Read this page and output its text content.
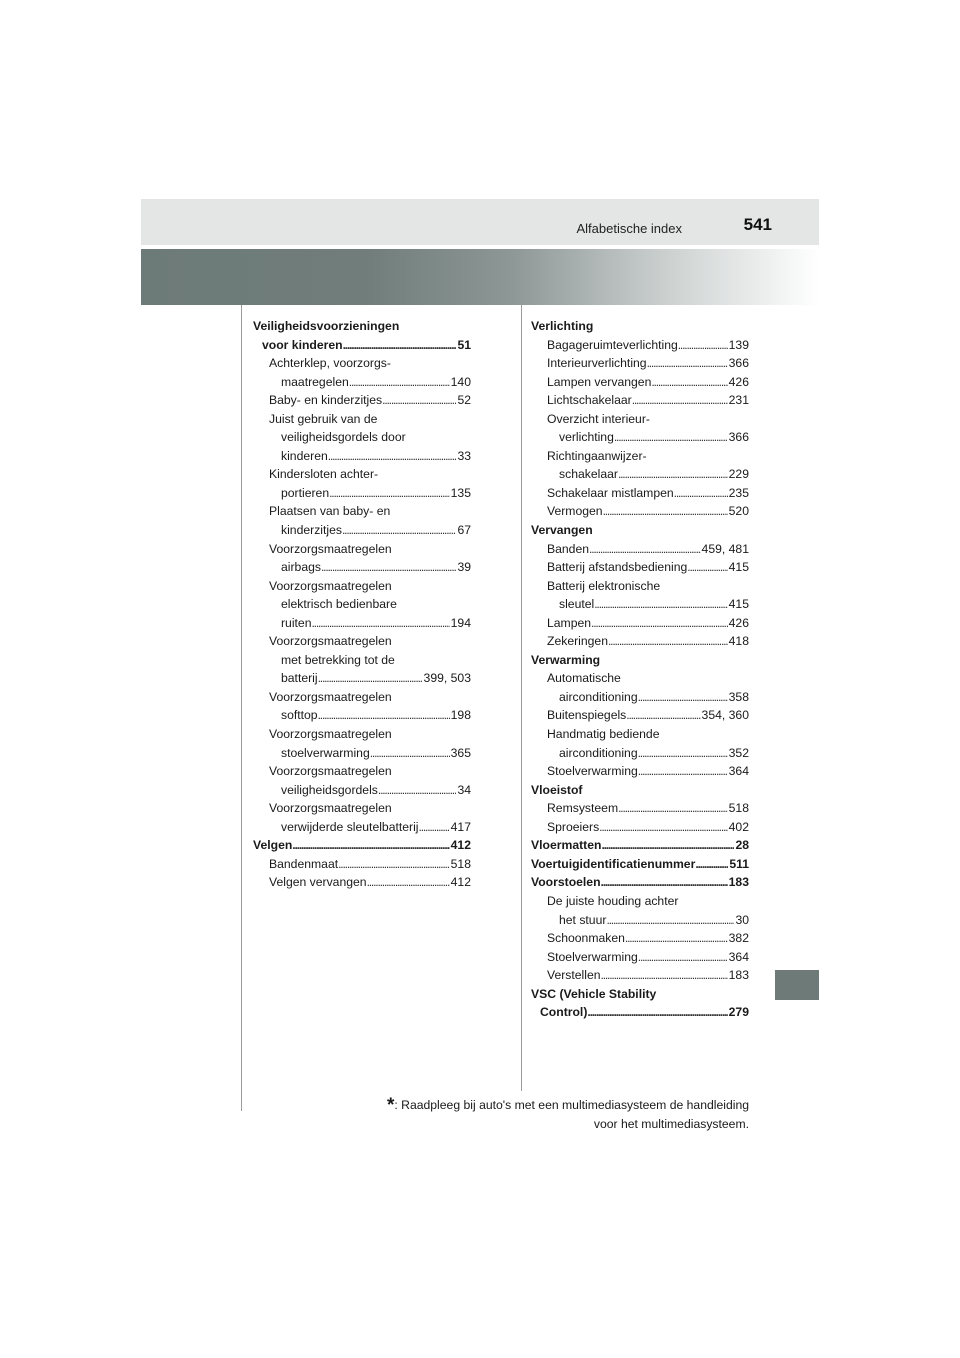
Alfabetische index	541
Veiligheidsvoorzieningen
voor kinderen . . .	51
Achterklep, voorzorgs-
maatregelen . . .	140
Baby- en kinderzitjes . . .	52
Juist gebruik van de
veiligheidsgordels door
kinderen . . .	33
Kindersloten achter-
portieren . . .	135
Plaatsen van baby- en
kinderzitjes . . .	67
Voorzorgsmaatregelen
airbags . . .	39
Voorzorgsmaatregelen
elektrisch bedienbare
ruiten . . .	194
Voorzorgsmaatregelen
met betrekking tot de
batterij . . .	399, 503
Voorzorgsmaatregelen
softtop . . .	198
Voorzorgsmaatregelen
stoelverwarming . . .	365
Voorzorgsmaatregelen
veiligheidsgordels . . .	34
Voorzorgsmaatregelen
verwijderde sleutelbatterij . . .	417
Velgen . . .	412
Bandenmaat . . .	518
Velgen vervangen . . .	412
Verlichting
Bagageruimteverlichting . . .	139
Interieurverlichting . . .	366
Lampen vervangen . . .	426
Lichtschakelaar . . .	231
Overzicht interieur-
verlichting . . .	366
Richtingaanwijzer-
schakelaar . . .	229
Schakelaar mistlampen . . .	235
Vermogen . . .	520
Vervangen
Banden . . .	459, 481
Batterij afstandsbediening . . .	415
Batterij elektronische
sleutel . . .	415
Lampen . . .	426
Zekeringen . . .	418
Verwarming
Automatische
airconditioning . . .	358
Buitenspiegels . . .	354, 360
Handmatig bediende
airconditioning . . .	352
Stoelverwarming . . .	364
Vloeistof
Remsysteem . . .	518
Sproeiers . . .	402
Vloermatten . . .	28
Voertuigidentificatienummer . . .	511
Voorstoelen . . .	183
De juiste houding achter
het stuur . . .	30
Schoonmaken . . .	382
Stoelverwarming . . .	364
Verstellen . . .	183
VSC (Vehicle Stability
Control) . . .	279
*: Raadpleeg bij auto's met een multimediasysteem de handleiding
voor het multimediasysteem.
